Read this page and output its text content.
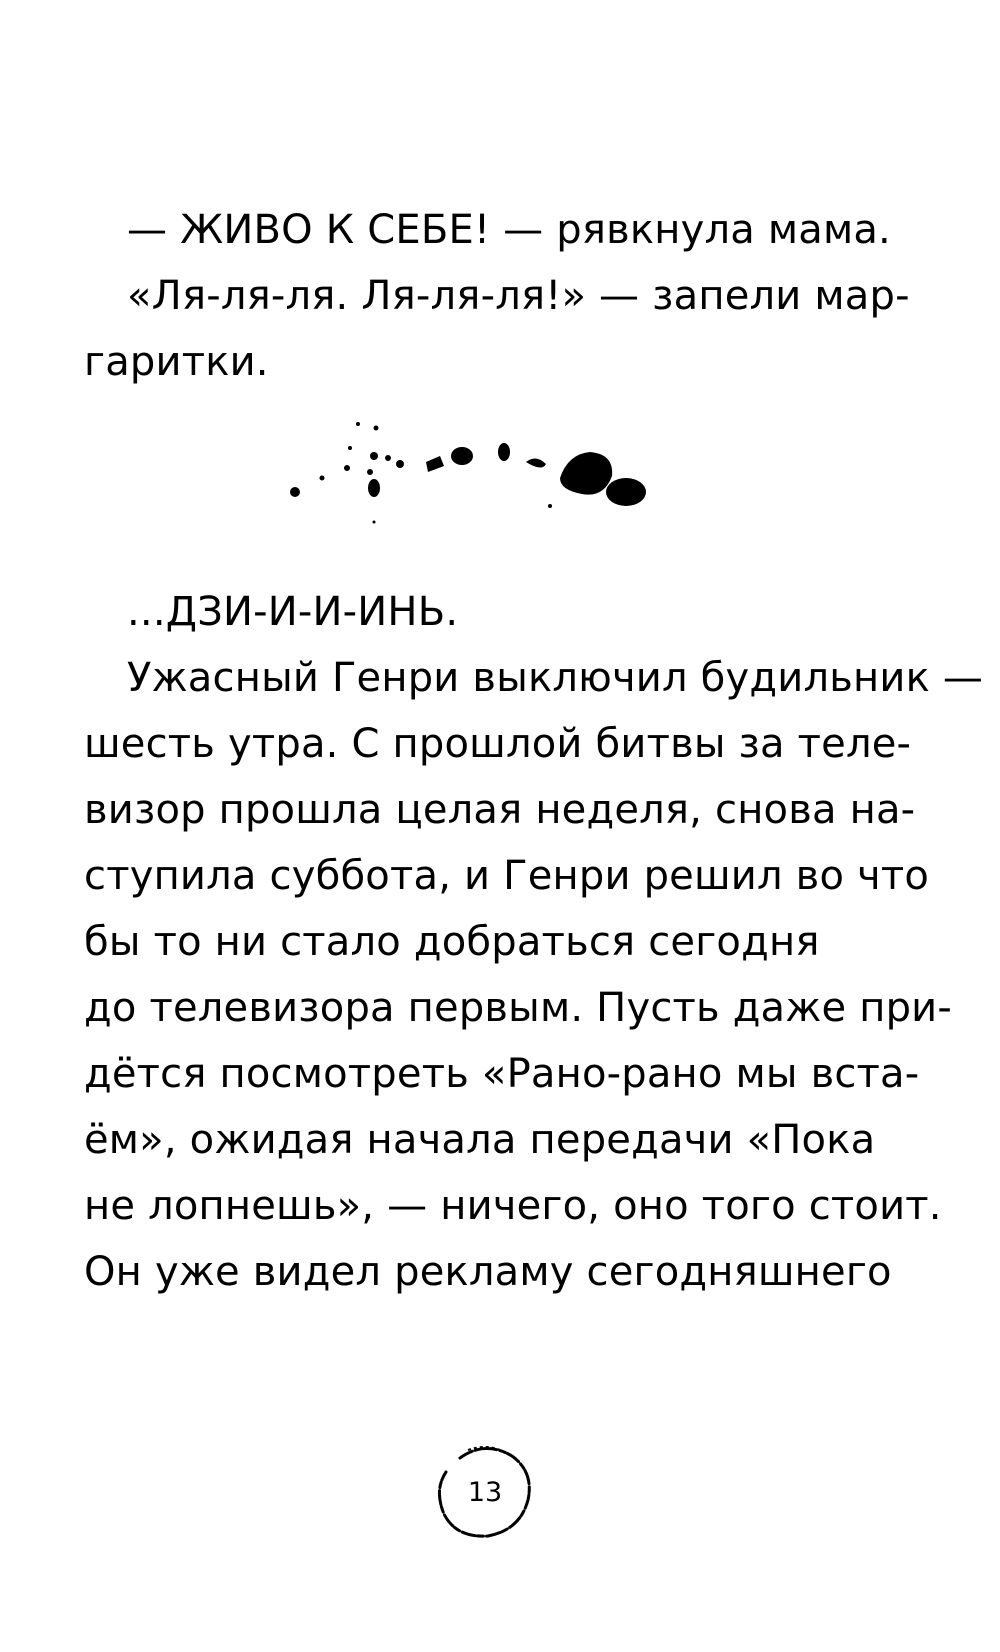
— ЖИВО К СЕБЕ! — рявкнула мама.
«Ля-ля-ля. Ля-ля-ля!» — запели мар-
гаритки.
...ДЗИ-И-И-ИНЬ.
Ужасный Генри выключил будильник —
шесть утра. С прошлой битвы за теле-
визор прошла целая неделя, снова на-
ступила суббота, и Генри решил во что
бы то ни стало добраться сегодня
до телевизора первым. Пусть даже при-
дётся посмотреть «Рано-рано мы вста-
ём», ожидая начала передачи «Пока
не лопнешь», — ничего, оно того стоит.
Он уже видел рекламу сегодняшнего
13
